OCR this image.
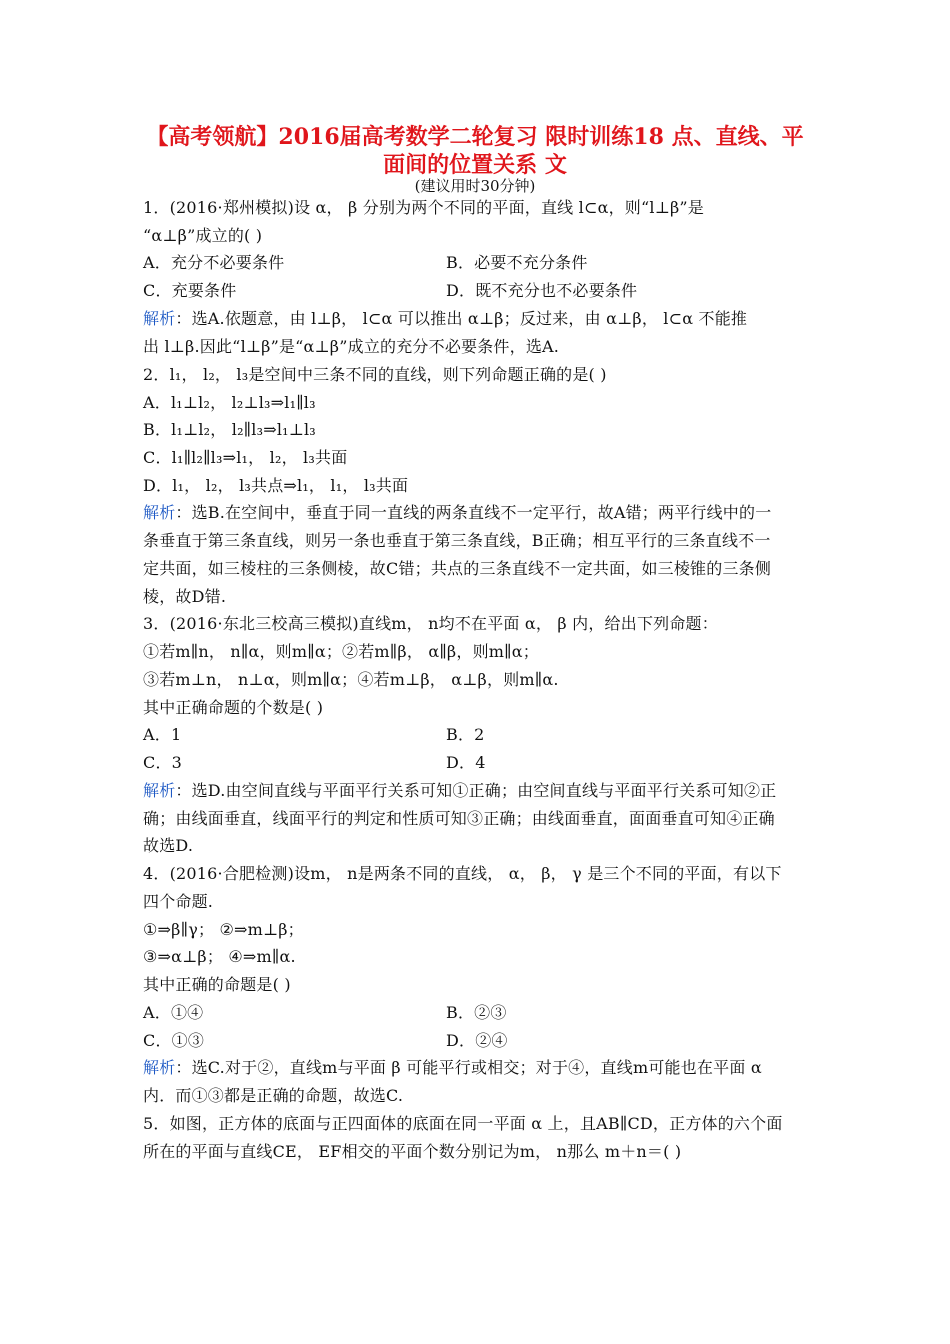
【高考领航】2016届高考数学二轮复习 限时训练18 点、直线、平
面间的位置关系 文
(建议用时30分钟)
1．(2016·郑州模拟)设 α， β 分别为两个不同的平面，直线 l⊂α，则“l⊥β”是
“α⊥β”成立的( )
A．充分不必要条件	B．必要不充分条件
C．充要条件	D．既不充分也不必要条件
解析：选A.依题意，由 l⊥β， l⊂α 可以推出 α⊥β；反过来，由 α⊥β， l⊂α 不能推
出 l⊥β.因此“l⊥β”是“α⊥β”成立的充分不必要条件，选A.
2．l₁， l₂， l₃是空间中三条不同的直线，则下列命题正确的是( )
A．l₁⊥l₂， l₂⊥l₃⇒l₁∥l₃
B．l₁⊥l₂， l₂∥l₃⇒l₁⊥l₃
C．l₁∥l₂∥l₃⇒l₁， l₂， l₃共面
D．l₁， l₂， l₃共点⇒l₁， l₁， l₃共面
解析：选B.在空间中，垂直于同一直线的两条直线不一定平行，故A错；两平行线中的一
条垂直于第三条直线，则另一条也垂直于第三条直线，B正确；相互平行的三条直线不一
定共面，如三棱柱的三条侧棱，故C错；共点的三条直线不一定共面，如三棱锥的三条侧
棱，故D错.
3．(2016·东北三校高三模拟)直线m， n均不在平面 α， β 内，给出下列命题：
①若m∥n， n∥α，则m∥α；②若m∥β， α∥β，则m∥α；
③若m⊥n， n⊥α，则m∥α；④若m⊥β， α⊥β，则m∥α.
其中正确命题的个数是( )
A．1	B．2
C．3	D．4
解析：选D.由空间直线与平面平行关系可知①正确；由空间直线与平面平行关系可知②正
确；由线面垂直，线面平行的判定和性质可知③正确；由线面垂直，面面垂直可知④正确
故选D.
4．(2016·合肥检测)设m， n是两条不同的直线， α， β， γ 是三个不同的平面，有以下
四个命题.
①⇒β∥γ； ②⇒m⊥β；
③⇒α⊥β； ④⇒m∥α.
其中正确的命题是( )
A．①④	B．②③
C．①③	D．②④
解析：选C.对于②，直线m与平面 β 可能平行或相交；对于④，直线m可能也在平面 α
内．而①③都是正确的命题，故选C.
5．如图，正方体的底面与正四面体的底面在同一平面 α 上，且AB∥CD，正方体的六个面
所在的平面与直线CE， EF相交的平面个数分别记为m， n那么 m＋n＝( )
